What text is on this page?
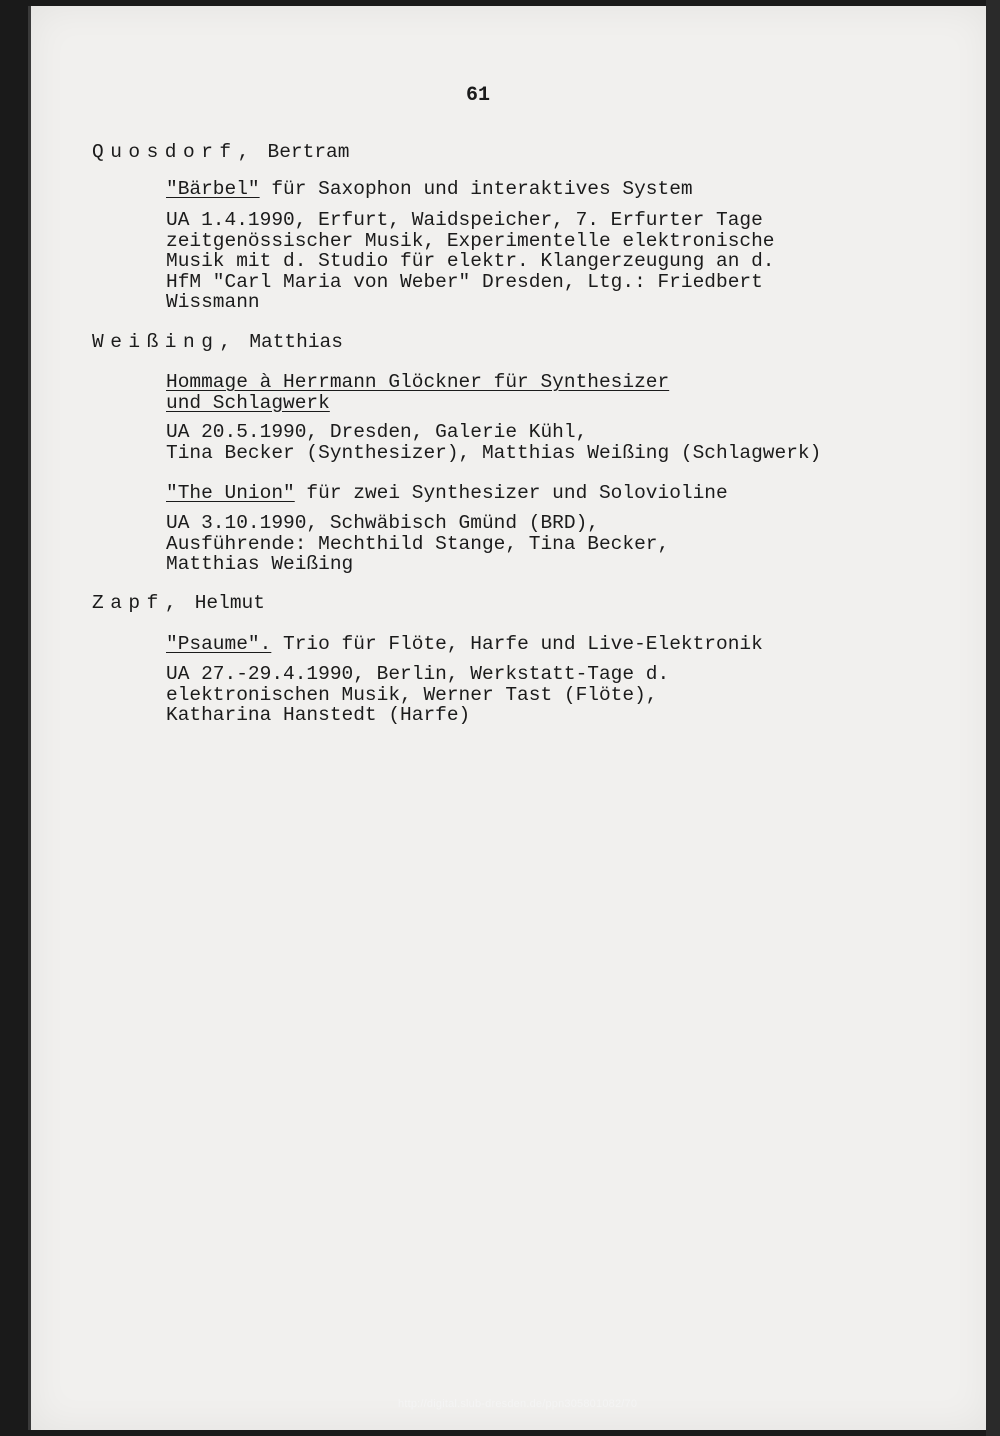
61
Quosdorf, Bertram
"Bärbel" für Saxophon und interaktives System
UA 1.4.1990, Erfurt, Waidspeicher, 7. Erfurter Tage
zeitgenössischer Musik, Experimentelle elektronische
Musik mit d. Studio für elektr. Klangerzeugung an d.
HfM "Carl Maria von Weber" Dresden, Ltg.: Friedbert
Wissmann
Weißing, Matthias
Hommage à Herrmann Glöckner für Synthesizer
und Schlagwerk
UA 20.5.1990, Dresden, Galerie Kühl,
Tina Becker (Synthesizer), Matthias Weißing (Schlagwerk)
"The Union" für zwei Synthesizer und Solovioline
UA 3.10.1990, Schwäbisch Gmünd (BRD),
Ausführende: Mechthild Stange, Tina Becker,
Matthias Weißing
Zapf, Helmut
"Psaume". Trio für Flöte, Harfe und Live-Elektronik
UA 27.-29.4.1990, Berlin, Werkstatt-Tage d.
elektronischen Musik, Werner Tast (Flöte),
Katharina Hanstedt (Harfe)
http://digital.slub-dresden.de/ppn305801082/70
